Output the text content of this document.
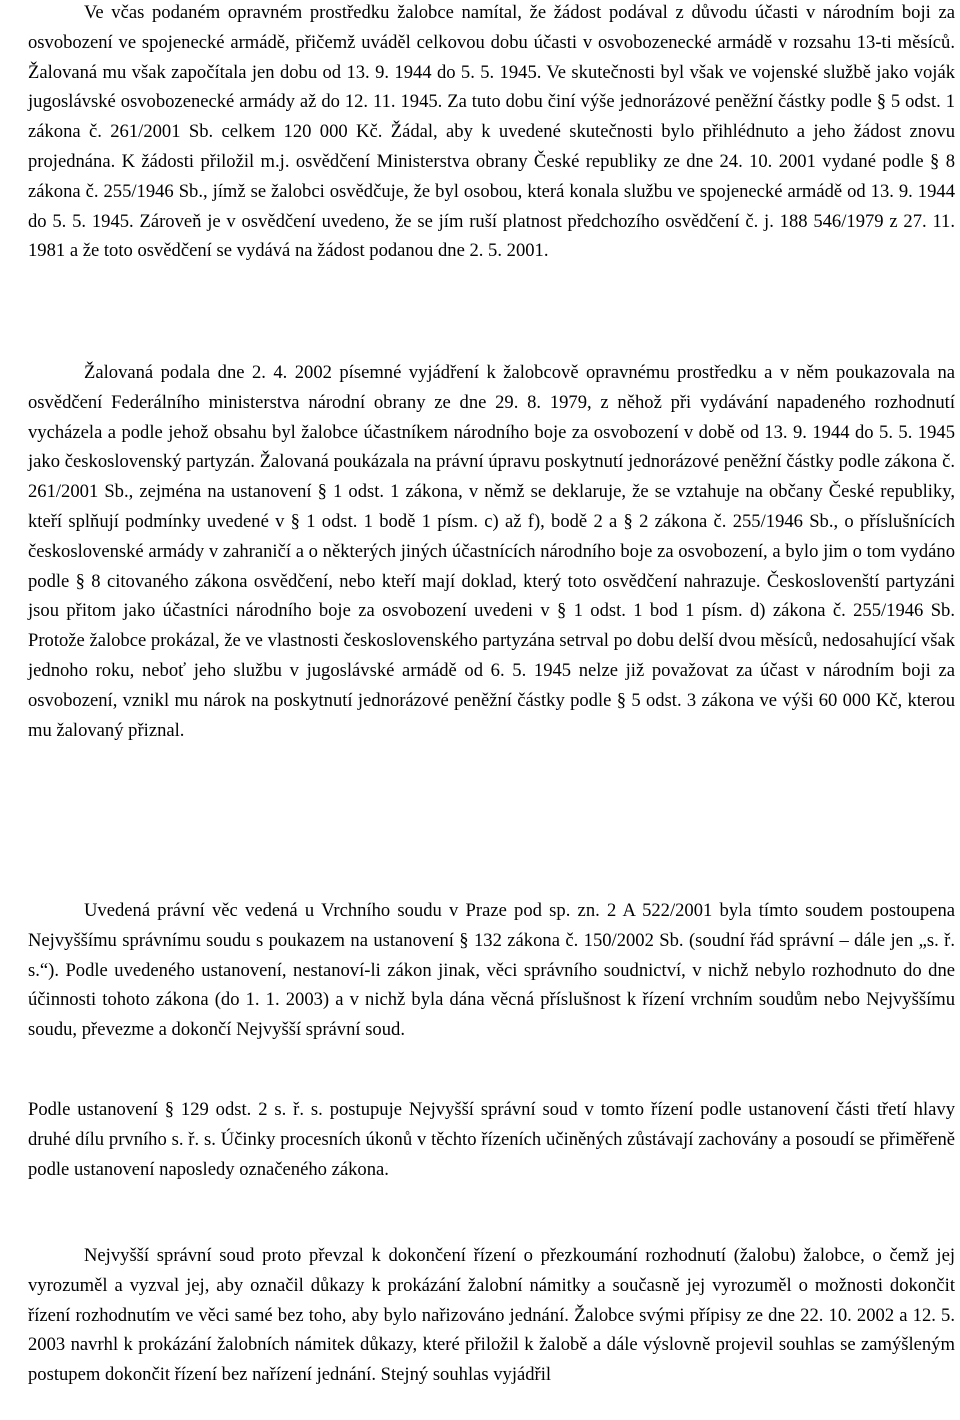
Ve včas podaném opravném prostředku žalobce namítal, že žádost podával z důvodu účasti v národním boji za osvobození ve spojenecké armádě, přičemž uváděl celkovou dobu účasti v osvobozenecké armádě v rozsahu 13-ti měsíců. Žalovaná mu však započítala jen dobu od 13. 9. 1944 do 5. 5. 1945. Ve skutečnosti byl však ve vojenské službě jako voják jugoslávské osvobozenecké armády až do 12. 11. 1945. Za tuto dobu činí výše jednorázové peněžní částky podle § 5 odst. 1 zákona č. 261/2001 Sb. celkem 120 000 Kč. Žádal, aby k uvedené skutečnosti bylo přihlédnuto a jeho žádost znovu projednána. K žádosti přiložil m.j. osvědčení Ministerstva obrany České republiky ze dne 24. 10. 2001 vydané podle § 8 zákona č. 255/1946 Sb., jímž se žalobci osvědčuje, že byl osobou, která konala službu ve spojenecké armádě od 13. 9. 1944 do 5. 5. 1945. Zároveň je v osvědčení uvedeno, že se jím ruší platnost předchozího osvědčení č. j. 188 546/1979 z 27. 11. 1981 a že toto osvědčení se vydává na žádost podanou dne 2. 5. 2001.

Žalovaná podala dne 2. 4. 2002 písemné vyjádření k žalobcově opravnému prostředku a v něm poukazovala na osvědčení Federálního ministerstva národní obrany ze dne 29. 8. 1979, z něhož při vydávání napadeného rozhodnutí vycházela a podle jehož obsahu byl žalobce účastníkem národního boje za osvobození v době od 13. 9. 1944 do 5. 5. 1945 jako československý partyzán. Žalovaná poukázala na právní úpravu poskytnutí jednorázové peněžní částky podle zákona č. 261/2001 Sb., zejména na ustanovení § 1 odst. 1 zákona, v němž se deklaruje, že se vztahuje na občany České republiky, kteří splňují podmínky uvedené v § 1 odst. 1 bodě 1 písm. c) až f), bodě 2 a § 2 zákona č. 255/1946 Sb., o příslušnících československé armády v zahraničí a o některých jiných účastnících národního boje za osvobození, a bylo jim o tom vydáno podle § 8 citovaného zákona osvědčení, nebo kteří mají doklad, který toto osvědčení nahrazuje. Českoslovenští partyzáni jsou přitom jako účastníci národního boje za osvobození uvedeni v § 1 odst. 1 bod 1 písm. d) zákona č. 255/1946 Sb. Protože žalobce prokázal, že ve vlastnosti československého partyzána setrval po dobu delší dvou měsíců, nedosahující však jednoho roku, neboť jeho službu v jugoslávské armádě od 6. 5. 1945 nelze již považovat za účast v národním boji za osvobození, vznikl mu nárok na poskytnutí jednorázové peněžní částky podle § 5 odst. 3 zákona ve výši 60 000 Kč, kterou mu žalovaný přiznal.

Uvedená právní věc vedená u Vrchního soudu v Praze pod sp. zn. 2 A 522/2001 byla tímto soudem postoupena Nejvyššímu správnímu soudu s poukazem na ustanovení § 132 zákona č. 150/2002 Sb. (soudní řád správní – dále jen „s. ř. s.“). Podle uvedeného ustanovení, nestanoví-li zákon jinak, věci správního soudnictví, v nichž nebylo rozhodnuto do dne účinnosti tohoto zákona (do 1. 1. 2003) a v nichž byla dána věcná příslušnost k řízení vrchním soudům nebo Nejvyššímu soudu, převezme a dokončí Nejvyšší správní soud.

Podle ustanovení § 129 odst. 2 s. ř. s. postupuje Nejvyšší správní soud v tomto řízení podle ustanovení části třetí hlavy druhé dílu prvního s. ř. s. Účinky procesních úkonů v těchto řízeních učiněných zůstávají zachovány a posoudí se přiměřeně podle ustanovení naposledy označeného zákona.

Nejvyšší správní soud proto převzal k dokončení řízení o přezkoumání rozhodnutí (žalobu) žalobce, o čemž jej vyrozuměl a vyzval jej, aby označil důkazy k prokázání žalobní námitky a současně jej vyrozuměl o možnosti dokončit řízení rozhodnutím ve věci samé bez toho, aby bylo nařizováno jednání. Žalobce svými přípisy ze dne 22. 10. 2002 a 12. 5. 2003 navrhl k prokázání žalobních námitek důkazy, které přiložil k žalobě a dále výslovně projevil souhlas se zamýšleným postupem dokončit řízení bez nařízení jednání. Stejný souhlas vyjádřil
